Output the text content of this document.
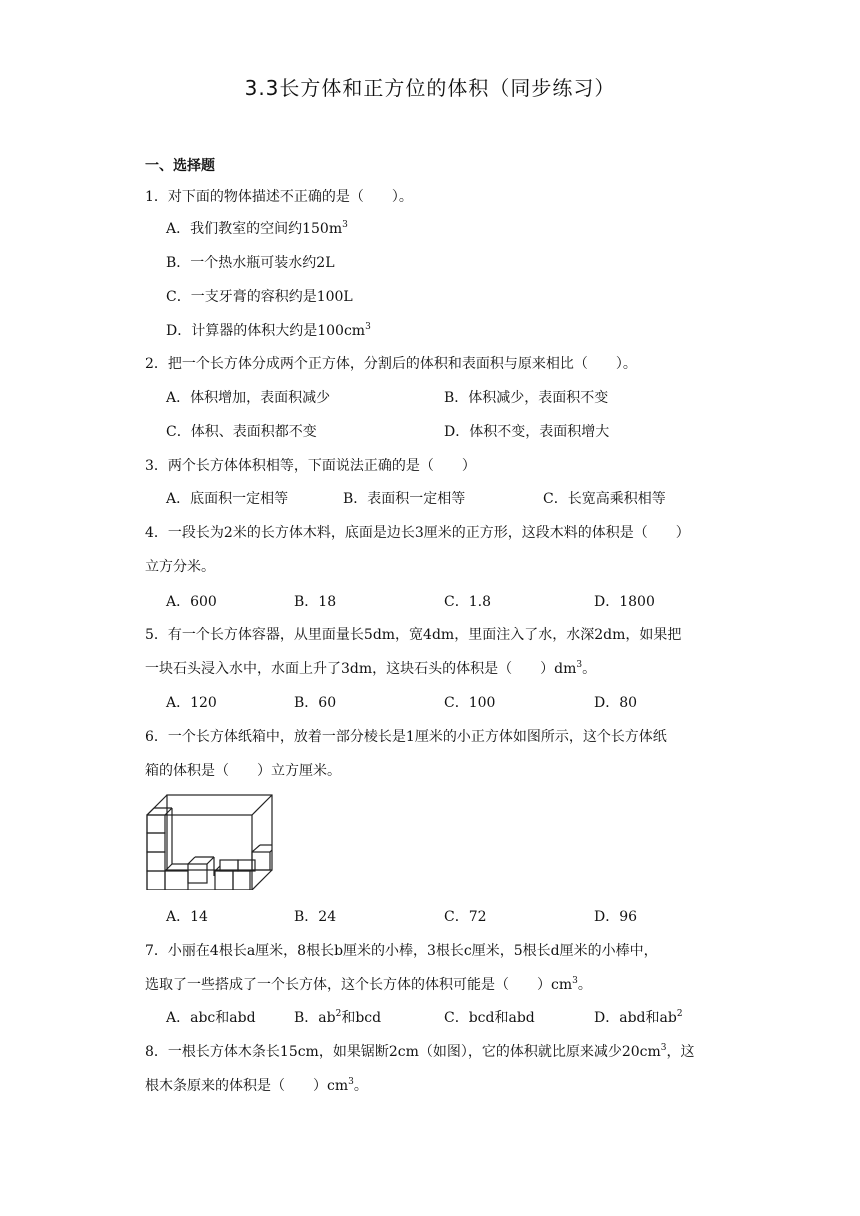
3.3长方体和正方位的体积（同步练习）
一、选择题
1．对下面的物体描述不正确的是（　　）。
A．我们教室的空间约$150m^3$
B．一个热水瓶可装水约2L
C．一支牙膏的容积约是100L
D．计算器的体积大约是$100cm^3$
2．把一个长方体分成两个正方体，分割后的体积和表面积与原来相比（　　）。
A．体积增加，表面积减少	B．体积减少，表面积不变
C．体积、表面积都不变	D．体积不变，表面积增大
3．两个长方体体积相等，下面说法正确的是（　　）
A．底面积一定相等	B．表面积一定相等	C．长宽高乘积相等
4．一段长为2米的长方体木料，底面是边长3厘米的正方形，这段木料的体积是（　　）
立方分米。
A．600	B．18	C．1.8	D．1800
5．有一个长方体容器，从里面量长5dm，宽4dm，里面注入了水，水深2dm，如果把
一块石头浸入水中，水面上升了3dm，这块石头的体积是（　　）$dm^3$。
A．120	B．60	C．100	D．80
6．一个长方体纸箱中，放着一部分棱长是1厘米的小正方体如图所示，这个长方体纸
箱的体积是（　　）立方厘米。
A．14	B．24	C．72	D．96
7．小丽在4根长a厘米，8根长b厘米的小棒，3根长c厘米，5根长d厘米的小棒中，
选取了一些搭成了一个长方体，这个长方体的体积可能是（　　）$cm^3$。
A．abc和abd	B．$ab^2$和bcd	C．bcd和abd	D．abd和$ab^2$
8．一根长方体木条长15cm，如果锯断2cm（如图），它的体积就比原来减少$20cm^3$，这
根木条原来的体积是（　　）$cm^3$。
